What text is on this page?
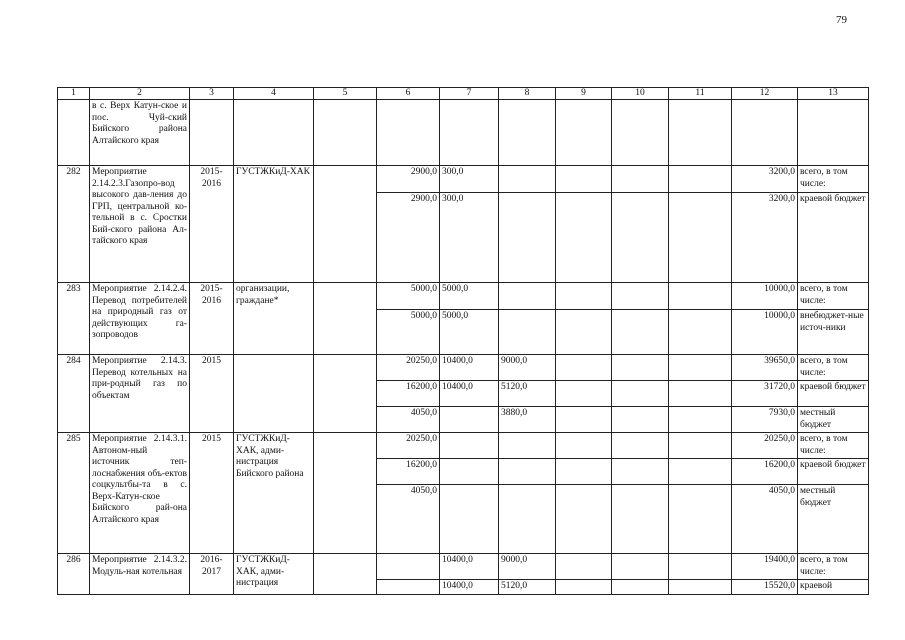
79
1	2	3	4	5	6	7	8	9	10	11	12	13
	в с. Верх Катун-ское и пос. Чуй-ский Бийского района Алтайского края											
282	Мероприятие 2.14.2.3.Газопро-вод высокого дав-ления до ГРП, центральной ко-тельной в с. Сростки Бий-ского района Ал-тайского края	2015-2016	ГУСТЖКиД-ХАК		2900,0	300,0					3200,0	всего, в том числе:
					2900,0	300,0					3200,0	краевой бюджет
283	Мероприятие 2.14.2.4. Перевод потребителей на природный газ от действующих га-зопроводов	2015-2016	организации, граждане*		5000,0	5000,0					10000,0	всего, в том числе:
					5000,0	5000,0					10000,0	внебюджет-ные источ-ники
284	Мероприятие 2.14.3. Перевод котельных на при-родный газ по объектам	2015			20250,0	10400,0	9000,0				39650,0	всего, в том числе:
					16200,0	10400,0	5120,0				31720,0	краевой бюджет
					4050,0		3880,0				7930,0	местный бюджет
285	Мероприятие 2.14.3.1. Автоном-ный источник теп-лоснабжения объ-ектов соцкультбы-та в с. Верх-Катун-ское Бийского рай-она Алтайского края	2015	ГУСТЖКиД-ХАК, адми-нистрация Бийского района		20250,0						20250,0	всего, в том числе:
					16200,0						16200,0	краевой бюджет
					4050,0						4050,0	местный бюджет
286	Мероприятие 2.14.3.2. Модуль-ная котельная	2016-2017	ГУСТЖКиД-ХАК, адми-нистрация			10400,0	9000,0				19400,0	всего, в том числе:
						10400,0	5120,0				15520,0	краевой
